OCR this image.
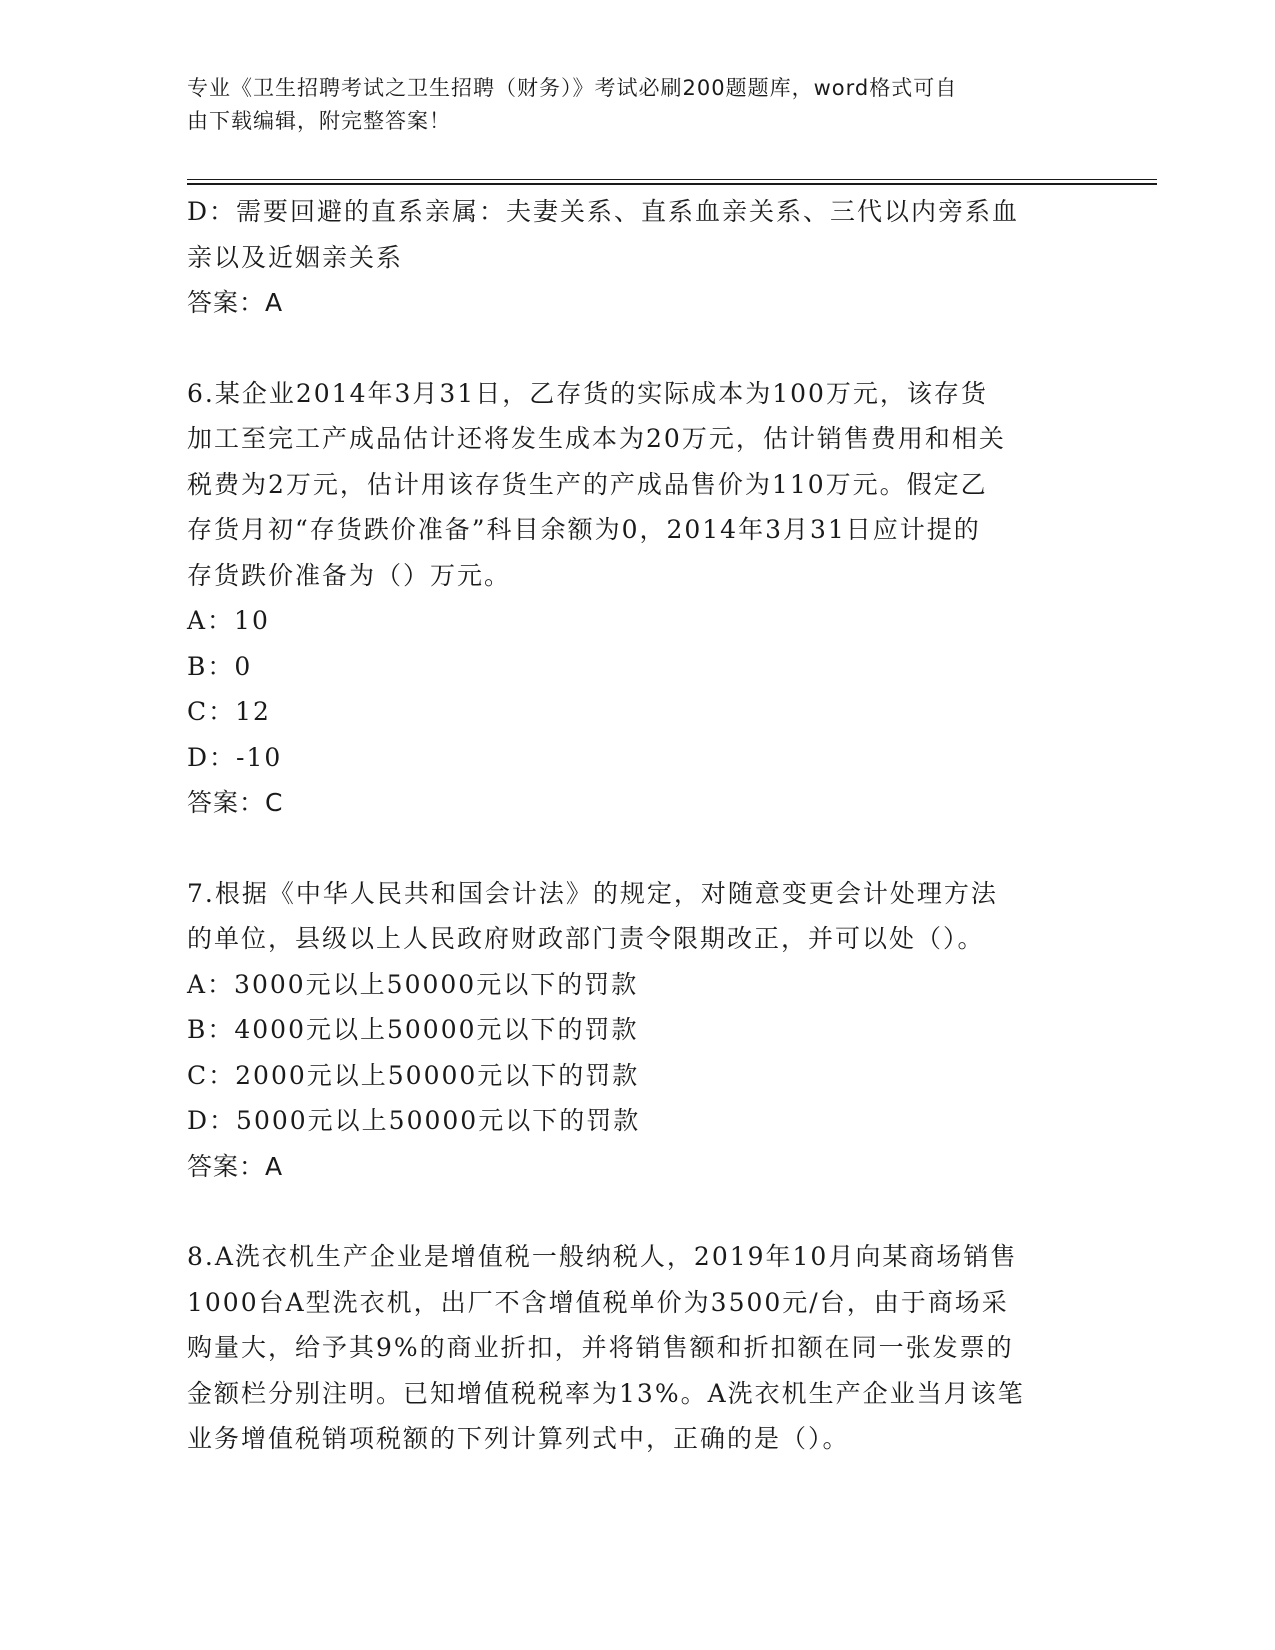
专业《卫生招聘考试之卫生招聘（财务）》考试必刷200题题库，word格式可自
由下载编辑，附完整答案！
D：需要回避的直系亲属：夫妻关系、直系血亲关系、三代以内旁系血
亲以及近姻亲关系
答案：A
6.某企业2014年3月31日，乙存货的实际成本为100万元，该存货
加工至完工产成品估计还将发生成本为20万元，估计销售费用和相关
税费为2万元，估计用该存货生产的产成品售价为110万元。假定乙
存货月初“存货跌价准备”科目余额为0，2014年3月31日应计提的
存货跌价准备为（）万元。
A：10
B：0
C：12
D：-10
答案：C
7.根据《中华人民共和国会计法》的规定，对随意变更会计处理方法
的单位，县级以上人民政府财政部门责令限期改正，并可以处（）。
A：3000元以上50000元以下的罚款
B：4000元以上50000元以下的罚款
C：2000元以上50000元以下的罚款
D：5000元以上50000元以下的罚款
答案：A
8.A洗衣机生产企业是增值税一般纳税人，2019年10月向某商场销售
1000台A型洗衣机，出厂不含增值税单价为3500元/台，由于商场采
购量大，给予其9%的商业折扣，并将销售额和折扣额在同一张发票的
金额栏分别注明。已知增值税税率为13%。A洗衣机生产企业当月该笔
业务增值税销项税额的下列计算列式中，正确的是（）。
